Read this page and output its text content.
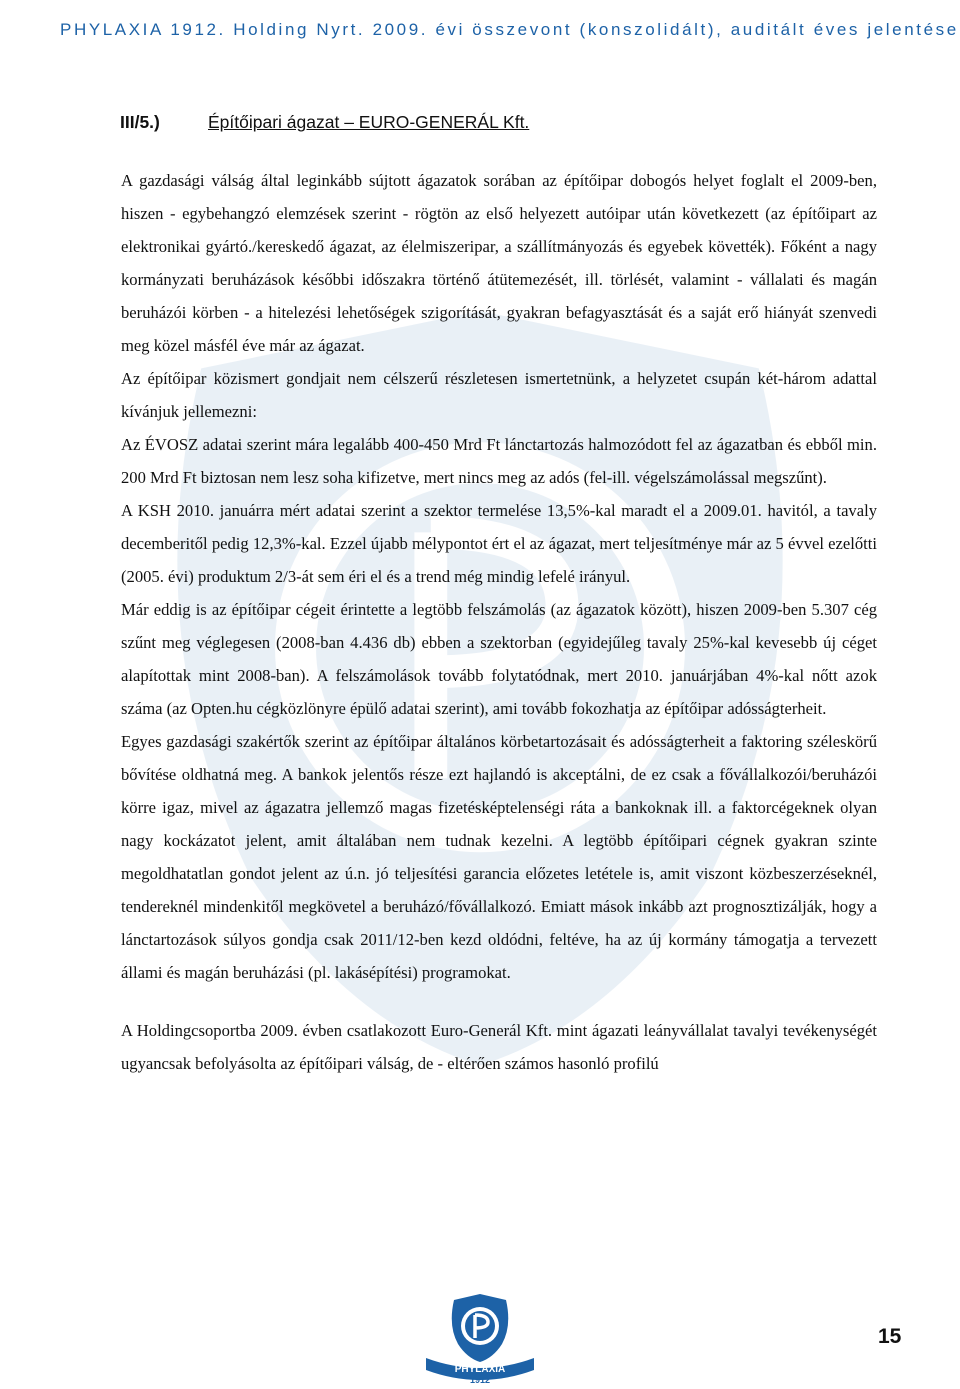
PHYLAXIA 1912. Holding Nyrt. 2009. évi összevont (konszolidált), auditált éves jelentése
III/5.)	Építőipari ágazat – EURO-GENERÁL Kft.

A gazdasági válság által leginkább sújtott ágazatok sorában az építőipar dobogós helyet foglalt el 2009-ben, hiszen - egybehangzó elemzések szerint - rögtön az első helyezett autóipar után következett (az építőipart az elektronikai gyártó./kereskedő ágazat, az élelmiszeripar, a szállítmányozás és egyebek követték). Főként a nagy kormányzati beruházások későbbi időszakra történő átütemezését, ill. törlését, valamint - vállalati és magán beruházói körben - a hitelezési lehetőségek szigorítását, gyakran befagyasztását és a saját erő hiányát szenvedi meg közel másfél éve már az ágazat.

Az építőipar közismert gondjait nem célszerű részletesen ismertetnünk, a helyzetet csupán két-három adattal kívánjuk jellemezni:

Az ÉVOSZ adatai szerint mára legalább 400-450 Mrd Ft lánctartozás halmozódott fel az ágazatban és ebből min. 200 Mrd Ft biztosan nem lesz soha kifizetve, mert nincs meg az adós (fel-ill. végelszámolással megszűnt).

A KSH 2010. januárra mért adatai szerint a szektor termelése 13,5%-kal maradt el a 2009.01. havitól, a tavaly decemberitől pedig 12,3%-kal. Ezzel újabb mélypontot ért el az ágazat, mert teljesítménye már az 5 évvel ezelőtti (2005. évi) produktum 2/3-át sem éri el és a trend még mindig lefelé irányul.

Már eddig is az építőipar cégeit érintette a legtöbb felszámolás (az ágazatok között), hiszen 2009-ben 5.307 cég szűnt meg véglegesen (2008-ban 4.436 db) ebben a szektorban (egyidejűleg tavaly 25%-kal kevesebb új céget alapítottak mint 2008-ban). A felszámolások tovább folytatódnak, mert 2010. januárjában 4%-kal nőtt azok száma (az Opten.hu cégközlönyre épülő adatai szerint), ami tovább fokozhatja az építőipar adósságterheit.

Egyes gazdasági szakértők szerint az építőipar általános körbetartozásait és adósságterheit a faktoring széleskörű bővítése oldhatná meg. A bankok jelentős része ezt hajlandó is akceptálni, de ez csak a fővállalkozói/beruházói körre igaz, mivel az ágazatra jellemző magas fizetésképtelenségi ráta a bankoknak ill. a faktorcégeknek olyan nagy kockázatot jelent, amit általában nem tudnak kezelni. A legtöbb építőipari cégnek gyakran szinte megoldhatatlan gondot jelent az ú.n. jó teljesítési garancia előzetes letétele is, amit viszont közbeszerzéseknél, tendereknél mindenkitől megkövetel a beruházó/fővállalkozó. Emiatt mások inkább azt prognosztizálják, hogy a lánctartozások súlyos gondja csak 2011/12-ben kezd oldódni, feltéve, ha az új kormány támogatja a tervezett állami és magán beruházási (pl. lakásépítési) programokat.

A Holdingcsoportba 2009. évben csatlakozott Euro-Generál Kft. mint ágazati leányvállalat tavalyi tevékenységét ugyancsak befolyásolta az építőipari válság, de - eltérően számos hasonló profilú

PHYLAXIA
1912
15
